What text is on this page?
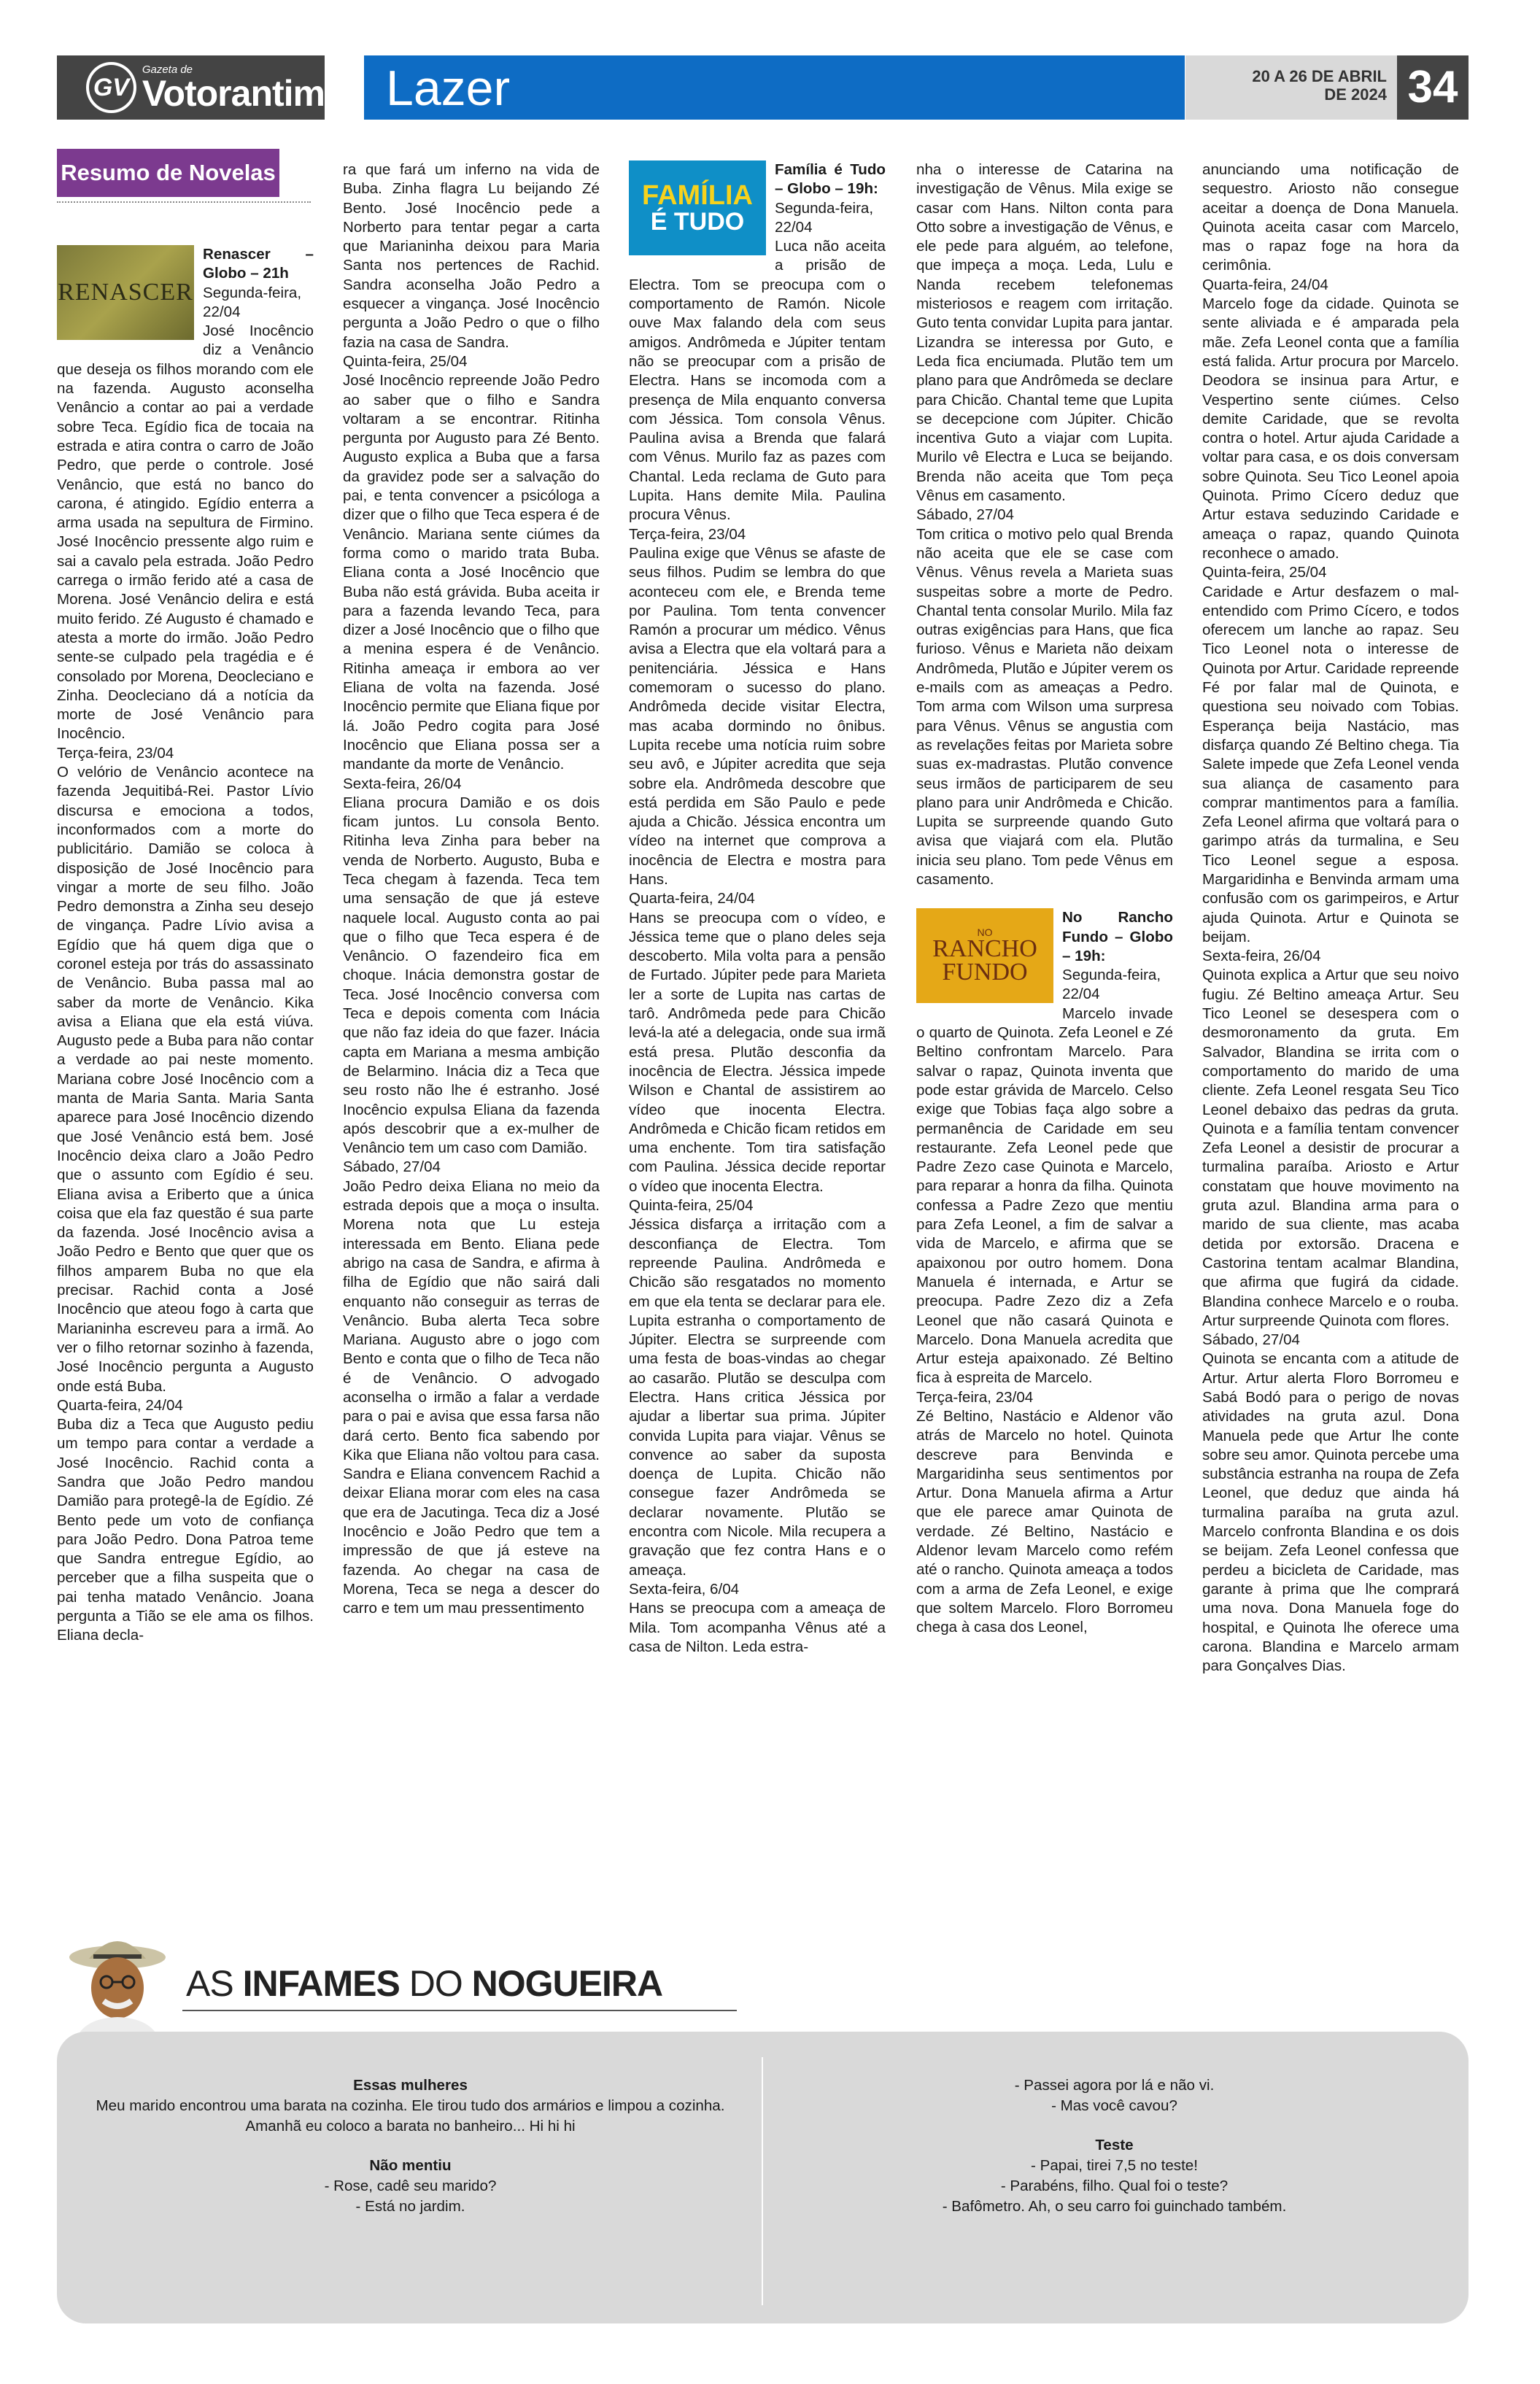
GV
Gazeta de
Votorantim Lazer	20 A 26 DE ABRIL
DE 2024 34
Resumo de Novelas
RENASCER

Renascer – Globo – 21h

Segunda-feira, 22/04

José Inocêncio diz a Venâncio que deseja os filhos morando com ele na fazenda. Augusto aconselha Venâncio a contar ao pai a verdade sobre Teca. Egídio fica de tocaia na estrada e atira contra o carro de João Pedro, que perde o controle. José Venâncio, que está no banco do carona, é atingido. Egídio enterra a arma usada na sepultura de Firmino. José Inocêncio pressente algo ruim e sai a cavalo pela estrada. João Pedro carrega o irmão ferido até a casa de Morena. José Venâncio delira e está muito ferido. Zé Augusto é chamado e atesta a morte do irmão. João Pedro sente-se culpado pela tragédia e é consolado por Morena, Deocleciano e Zinha. Deocleciano dá a notícia da morte de José Venâncio para Inocêncio.

Terça-feira, 23/04

O velório de Venâncio acontece na fazenda Jequitibá-Rei. Pastor Lívio discursa e emociona a todos, inconformados com a morte do publicitário. Damião se coloca à disposição de José Inocêncio para vingar a morte de seu filho. João Pedro demonstra a Zinha seu desejo de vingança. Padre Lívio avisa a Egídio que há quem diga que o coronel esteja por trás do assassinato de Venâncio. Buba passa mal ao saber da morte de Venâncio. Kika avisa a Eliana que ela está viúva. Augusto pede a Buba para não contar a verdade ao pai neste momento. Mariana cobre José Inocêncio com a manta de Maria Santa. Maria Santa aparece para José Inocêncio dizendo que José Venâncio está bem. José Inocêncio deixa claro a João Pedro que o assunto com Egídio é seu. Eliana avisa a Eriberto que a única coisa que ela faz questão é sua parte da fazenda. José Inocêncio avisa a João Pedro e Bento que quer que os filhos amparem Buba no que ela precisar. Rachid conta a José Inocêncio que ateou fogo à carta que Marianinha escreveu para a irmã. Ao ver o filho retornar sozinho à fazenda, José Inocêncio pergunta a Augusto onde está Buba.

Quarta-feira, 24/04

Buba diz a Teca que Augusto pediu um tempo para contar a verdade a José Inocêncio. Rachid conta a Sandra que João Pedro mandou Damião para protegê-la de Egídio. Zé Bento pede um voto de confiança para João Pedro. Dona Patroa teme que Sandra entregue Egídio, ao perceber que a filha suspeita que o pai tenha matado Venâncio. Joana pergunta a Tião se ele ama os filhos. Eliana decla-

ra que fará um inferno na vida de Buba. Zinha flagra Lu beijando Zé Bento. José Inocêncio pede a Norberto para tentar pegar a carta que Marianinha deixou para Maria Santa nos pertences de Rachid. Sandra aconselha João Pedro a esquecer a vingança. José Inocêncio pergunta a João Pedro o que o filho fazia na casa de Sandra.

Quinta-feira, 25/04

José Inocêncio repreende João Pedro ao saber que o filho e Sandra voltaram a se encontrar. Ritinha pergunta por Augusto para Zé Bento. Augusto explica a Buba que a farsa da gravidez pode ser a salvação do pai, e tenta convencer a psicóloga a dizer que o filho que Teca espera é de Venâncio. Mariana sente ciúmes da forma como o marido trata Buba. Eliana conta a José Inocêncio que Buba não está grávida. Buba aceita ir para a fazenda levando Teca, para dizer a José Inocêncio que o filho que a menina espera é de Venâncio. Ritinha ameaça ir embora ao ver Eliana de volta na fazenda. José Inocêncio permite que Eliana fique por lá. João Pedro cogita para José Inocêncio que Eliana possa ser a mandante da morte de Venâncio.

Sexta-feira, 26/04

Eliana procura Damião e os dois ficam juntos. Lu consola Bento. Ritinha leva Zinha para beber na venda de Norberto. Augusto, Buba e Teca chegam à fazenda. Teca tem uma sensação de que já esteve naquele local. Augusto conta ao pai que o filho que Teca espera é de Venâncio. O fazendeiro fica em choque. Inácia demonstra gostar de Teca. José Inocêncio conversa com Teca e depois comenta com Inácia que não faz ideia do que fazer. Inácia capta em Mariana a mesma ambição de Belarmino. Inácia diz a Teca que seu rosto não lhe é estranho. José Inocêncio expulsa Eliana da fazenda após descobrir que a ex-mulher de Venâncio tem um caso com Damião.

Sábado, 27/04

João Pedro deixa Eliana no meio da estrada depois que a moça o insulta. Morena nota que Lu esteja interessada em Bento. Eliana pede abrigo na casa de Sandra, e afirma à filha de Egídio que não sairá dali enquanto não conseguir as terras de Venâncio. Buba alerta Teca sobre Mariana. Augusto abre o jogo com Bento e conta que o filho de Teca não é de Venâncio. O advogado aconselha o irmão a falar a verdade para o pai e avisa que essa farsa não dará certo. Bento fica sabendo por Kika que Eliana não voltou para casa. Sandra e Eliana convencem Rachid a deixar Eliana morar com eles na casa que era de Jacutinga. Teca diz a José Inocêncio e João Pedro que tem a impressão de que já esteve na fazenda. Ao chegar na casa de Morena, Teca se nega a descer do carro e tem um mau pressentimento

FAMÍLIA
É TUDO

Família é Tudo – Globo – 19h:

Segunda-feira, 22/04

Luca não aceita a prisão de Electra. Tom se preocupa com o comportamento de Ramón. Nicole ouve Max falando dela com seus amigos. Andrômeda e Júpiter tentam não se preocupar com a prisão de Electra. Hans se incomoda com a presença de Mila enquanto conversa com Jéssica. Tom consola Vênus. Paulina avisa a Brenda que falará com Vênus. Murilo faz as pazes com Chantal. Leda reclama de Guto para Lupita. Hans demite Mila. Paulina procura Vênus.

Terça-feira, 23/04

Paulina exige que Vênus se afaste de seus filhos. Pudim se lembra do que aconteceu com ele, e Brenda teme por Paulina. Tom tenta convencer Ramón a procurar um médico. Vênus avisa a Electra que ela voltará para a penitenciária. Jéssica e Hans comemoram o sucesso do plano. Andrômeda decide visitar Electra, mas acaba dormindo no ônibus. Lupita recebe uma notícia ruim sobre seu avô, e Júpiter acredita que seja sobre ela. Andrômeda descobre que está perdida em São Paulo e pede ajuda a Chicão. Jéssica encontra um vídeo na internet que comprova a inocência de Electra e mostra para Hans.

Quarta-feira, 24/04

Hans se preocupa com o vídeo, e Jéssica teme que o plano deles seja descoberto. Mila volta para a pensão de Furtado. Júpiter pede para Marieta ler a sorte de Lupita nas cartas de tarô. Andrômeda pede para Chicão levá-la até a delegacia, onde sua irmã está presa. Plutão desconfia da inocência de Electra. Jéssica impede Wilson e Chantal de assistirem ao vídeo que inocenta Electra. Andrômeda e Chicão ficam retidos em uma enchente. Tom tira satisfação com Paulina. Jéssica decide reportar o vídeo que inocenta Electra.

Quinta-feira, 25/04

Jéssica disfarça a irritação com a desconfiança de Electra. Tom repreende Paulina. Andrômeda e Chicão são resgatados no momento em que ela tenta se declarar para ele. Lupita estranha o comportamento de Júpiter. Electra se surpreende com uma festa de boas-vindas ao chegar ao casarão. Plutão se desculpa com Electra. Hans critica Jéssica por ajudar a libertar sua prima. Júpiter convida Lupita para viajar. Vênus se convence ao saber da suposta doença de Lupita. Chicão não consegue fazer Andrômeda se declarar novamente. Plutão se encontra com Nicole. Mila recupera a gravação que fez contra Hans e o ameaça.

Sexta-feira, 6/04

Hans se preocupa com a ameaça de Mila. Tom acompanha Vênus até a casa de Nilton. Leda estra-

nha o interesse de Catarina na investigação de Vênus. Mila exige se casar com Hans. Nilton conta para Otto sobre a investigação de Vênus, e ele pede para alguém, ao telefone, que impeça a moça. Leda, Lulu e Nanda recebem telefonemas misteriosos e reagem com irritação. Guto tenta convidar Lupita para jantar. Lizandra se interessa por Guto, e Leda fica enciumada. Plutão tem um plano para que Andrômeda se declare para Chicão. Chantal teme que Lupita se decepcione com Júpiter. Chicão incentiva Guto a viajar com Lupita. Murilo vê Electra e Luca se beijando. Brenda não aceita que Tom peça Vênus em casamento.

Sábado, 27/04

Tom critica o motivo pelo qual Brenda não aceita que ele se case com Vênus. Vênus revela a Marieta suas suspeitas sobre a morte de Pedro. Chantal tenta consolar Murilo. Mila faz outras exigências para Hans, que fica furioso. Vênus e Marieta não deixam Andrômeda, Plutão e Júpiter verem os e-mails com as ameaças a Pedro. Tom arma com Wilson uma surpresa para Vênus. Vênus se angustia com as revelações feitas por Marieta sobre suas ex-madrastas. Plutão convence seus irmãos de participarem de seu plano para unir Andrômeda e Chicão. Lupita se surpreende quando Guto avisa que viajará com ela. Plutão inicia seu plano. Tom pede Vênus em casamento.

NO
RANCHO
FUNDO

No Rancho Fundo – Globo – 19h:

Segunda-feira, 22/04

Marcelo invade o quarto de Quinota. Zefa Leonel e Zé Beltino confrontam Marcelo. Para salvar o rapaz, Quinota inventa que pode estar grávida de Marcelo. Celso exige que Tobias faça algo sobre a permanência de Caridade em seu restaurante. Zefa Leonel pede que Padre Zezo case Quinota e Marcelo, para reparar a honra da filha. Quinota confessa a Padre Zezo que mentiu para Zefa Leonel, a fim de salvar a vida de Marcelo, e afirma que se apaixonou por outro homem. Dona Manuela é internada, e Artur se preocupa. Padre Zezo diz a Zefa Leonel que não casará Quinota e Marcelo. Dona Manuela acredita que Artur esteja apaixonado. Zé Beltino fica à espreita de Marcelo.

Terça-feira, 23/04

Zé Beltino, Nastácio e Aldenor vão atrás de Marcelo no hotel. Quinota descreve para Benvinda e Margaridinha seus sentimentos por Artur. Dona Manuela afirma a Artur que ele parece amar Quinota de verdade. Zé Beltino, Nastácio e Aldenor levam Marcelo como refém até o rancho. Quinota ameaça a todos com a arma de Zefa Leonel, e exige que soltem Marcelo. Floro Borromeu chega à casa dos Leonel,

anunciando uma notificação de sequestro. Ariosto não consegue aceitar a doença de Dona Manuela. Quinota aceita casar com Marcelo, mas o rapaz foge na hora da cerimônia.

Quarta-feira, 24/04

Marcelo foge da cidade. Quinota se sente aliviada e é amparada pela mãe. Zefa Leonel conta que a família está falida. Artur procura por Marcelo. Deodora se insinua para Artur, e Vespertino sente ciúmes. Celso demite Caridade, que se revolta contra o hotel. Artur ajuda Caridade a voltar para casa, e os dois conversam sobre Quinota. Seu Tico Leonel apoia Quinota. Primo Cícero deduz que Artur estava seduzindo Caridade e ameaça o rapaz, quando Quinota reconhece o amado.

Quinta-feira, 25/04

Caridade e Artur desfazem o mal-entendido com Primo Cícero, e todos oferecem um lanche ao rapaz. Seu Tico Leonel nota o interesse de Quinota por Artur. Caridade repreende Fé por falar mal de Quinota, e questiona seu noivado com Tobias. Esperança beija Nastácio, mas disfarça quando Zé Beltino chega. Tia Salete impede que Zefa Leonel venda sua aliança de casamento para comprar mantimentos para a família. Zefa Leonel afirma que voltará para o garimpo atrás da turmalina, e Seu Tico Leonel segue a esposa. Margaridinha e Benvinda armam uma confusão com os garimpeiros, e Artur ajuda Quinota. Artur e Quinota se beijam.

Sexta-feira, 26/04

Quinota explica a Artur que seu noivo fugiu. Zé Beltino ameaça Artur. Seu Tico Leonel se desespera com o desmoronamento da gruta. Em Salvador, Blandina se irrita com o comportamento do marido de uma cliente. Zefa Leonel resgata Seu Tico Leonel debaixo das pedras da gruta. Quinota e a família tentam convencer Zefa Leonel a desistir de procurar a turmalina paraíba. Ariosto e Artur constatam que houve movimento na gruta azul. Blandina arma para o marido de sua cliente, mas acaba detida por extorsão. Dracena e Castorina tentam acalmar Blandina, que afirma que fugirá da cidade. Blandina conhece Marcelo e o rouba. Artur surpreende Quinota com flores.

Sábado, 27/04

Quinota se encanta com a atitude de Artur. Artur alerta Floro Borromeu e Sabá Bodó para o perigo de novas atividades na gruta azul. Dona Manuela pede que Artur lhe conte sobre seu amor. Quinota percebe uma substância estranha na roupa de Zefa Leonel, que deduz que ainda há turmalina paraíba na gruta azul. Marcelo confronta Blandina e os dois se beijam. Zefa Leonel confessa que perdeu a bicicleta de Caridade, mas garante à prima que lhe comprará uma nova. Dona Manuela foge do hospital, e Quinota lhe oferece uma carona. Blandina e Marcelo armam para Gonçalves Dias.

AS INFAMES DO NOGUEIRA

Essas mulheres

Meu marido encontrou uma barata na cozinha. Ele tirou tudo dos armários e limpou a cozinha. Amanhã eu coloco a barata no banheiro... Hi hi hi

Não mentiu

- Rose, cadê seu marido?

- Está no jardim.

- Passei agora por lá e não vi.

- Mas você cavou?

Teste

- Papai, tirei 7,5 no teste!

- Parabéns, filho. Qual foi o teste?

- Bafômetro. Ah, o seu carro foi guinchado também.
